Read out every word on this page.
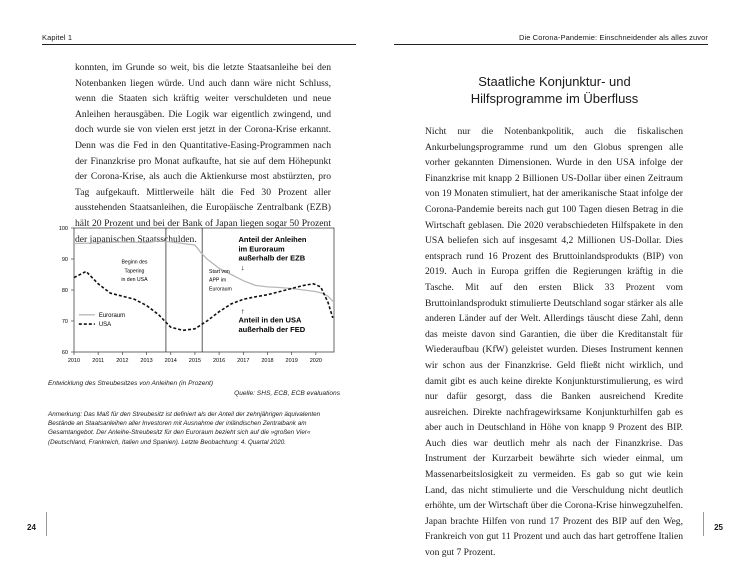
Kapitel 1

konnten, im Grunde so weit, bis die letzte Staatsanleihe bei den Notenbanken liegen würde. Und auch dann wäre nicht Schluss, wenn die Staaten sich kräftig weiter verschuldeten und neue Anleihen herausgäben. Die Logik war eigentlich zwingend, und doch wurde sie von vielen erst jetzt in der Corona-Krise erkannt. Denn was die Fed in den Quantitative-Easing-Programmen nach der Finanzkrise pro Monat aufkaufte, hat sie auf dem Höhepunkt der Corona-Krise, als auch die Aktienkurse most abstürzten, pro Tag aufgekauft. Mittlerweile hält die Fed 30 Prozent aller ausstehenden Staatsanleihen, die Europäische Zentralbank (EZB) hält 20 Prozent und bei der Bank of Japan liegen sogar 50 Prozent der japanischen Staatsschulden.

60
70
80
90
100
2010 2011 2012 2013 2014 2015 2016 2017 2018 2019 2020
Beginn des
Tapering
in den USA
Start von
APP im
Euroraum
Anteil der Anleihen
im Euroraum
außerhalb der EZB
↓
↑
Anteil in den USA
außerhalb der FED
Euroraum
USA
Entwicklung des Streubesitzes von Anleihen (in Prozent)
Quelle: SHS, ECB, ECB evaluations
Anmerkung: Das Maß für den Streubesitz ist definiert als der Anteil der zehnjährigen äquivalenten Bestände an Staatsanleihen aller Investoren mit Ausnahme der inländischen Zentralbank am Gesamtangebot. Der Anleihe-Streubesitz für den Euroraum bezieht sich auf die »großen Vier« (Deutschland, Frankreich, Italien und Spanien). Letzte Beobachtung: 4. Quartal 2020.
24
Die Corona-Pandemie: Einschneidender als alles zuvor
25
Staatliche Konjunktur- und Hilfsprogramme im Überfluss

Nicht nur die Notenbankpolitik, auch die fiskalischen Ankurbelungsprogramme rund um den Globus sprengen alle vorher gekannten Dimensionen. Wurde in den USA infolge der Finanzkrise mit knapp 2 Billionen US-Dollar über einen Zeitraum von 19 Monaten stimuliert, hat der amerikanische Staat infolge der Corona-Pandemie bereits nach gut 100 Tagen diesen Betrag in die Wirtschaft geblasen. Die 2020 verabschiedeten Hilfspakete in den USA beliefen sich auf insgesamt 4,2 Millionen US-Dollar. Dies entsprach rund 16 Prozent des Bruttoinlandsprodukts (BIP) von 2019. Auch in Europa griffen die Regierungen kräftig in die Tasche. Mit auf den ersten Blick 33 Prozent vom Bruttoinlandsprodukt stimulierte Deutschland sogar stärker als alle anderen Länder auf der Welt. Allerdings täuscht diese Zahl, denn das meiste davon sind Garantien, die über die Kreditanstalt für Wiederaufbau (KfW) geleistet wurden. Dieses Instrument kennen wir schon aus der Finanzkrise. Geld fließt nicht wirklich, und damit gibt es auch keine direkte Konjunkturstimulierung, es wird nur dafür gesorgt, dass die Banken ausreichend Kredite ausreichen. Direkte nachfragewirksame Konjunkturhilfen gab es aber auch in Deutschland in Höhe von knapp 9 Prozent des BIP. Auch dies war deutlich mehr als nach der Finanzkrise. Das Instrument der Kurzarbeit bewährte sich wieder einmal, um Massenarbeitslosigkeit zu vermeiden. Es gab so gut wie kein Land, das nicht stimulierte und die Verschuldung nicht deutlich erhöhte, um der Wirtschaft über die Corona-Krise hinwegzuhelfen. Japan brachte Hilfen von rund 17 Prozent des BIP auf den Weg, Frankreich von gut 11 Prozent und auch das hart getroffene Italien von gut 7 Prozent.
